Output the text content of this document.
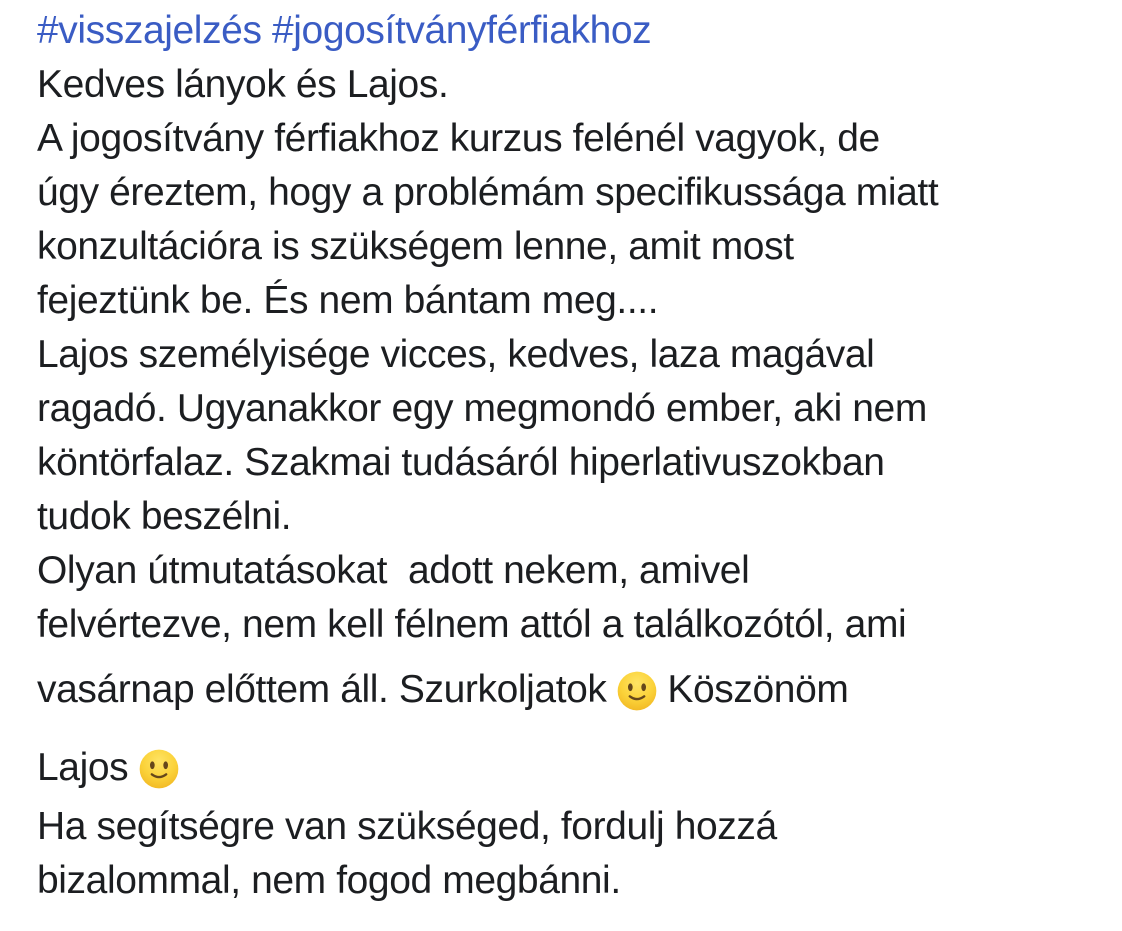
#visszajelzés #jogosítványférfiakhoz
Kedves lányok és Lajos.
A jogosítvány férfiakhoz kurzus felénél vagyok, de
úgy éreztem, hogy a problémám specifikussága miatt
konzultációra is szükségem lenne, amit most
fejeztünk be. És nem bántam meg....
Lajos személyisége vicces, kedves, laza magával
ragadó. Ugyanakkor egy megmondó ember, aki nem
köntörfalaz. Szakmai tudásáról hiperlativuszokban
tudok beszélni.
Olyan útmutatásokat  adott nekem, amivel
felvértezve, nem kell félnem attól a találkozótól, ami
vasárnap előttem áll. Szurkoljatok  Köszönöm
Lajos
Ha segítségre van szükséged, fordulj hozzá
bizalommal, nem fogod megbánni.
